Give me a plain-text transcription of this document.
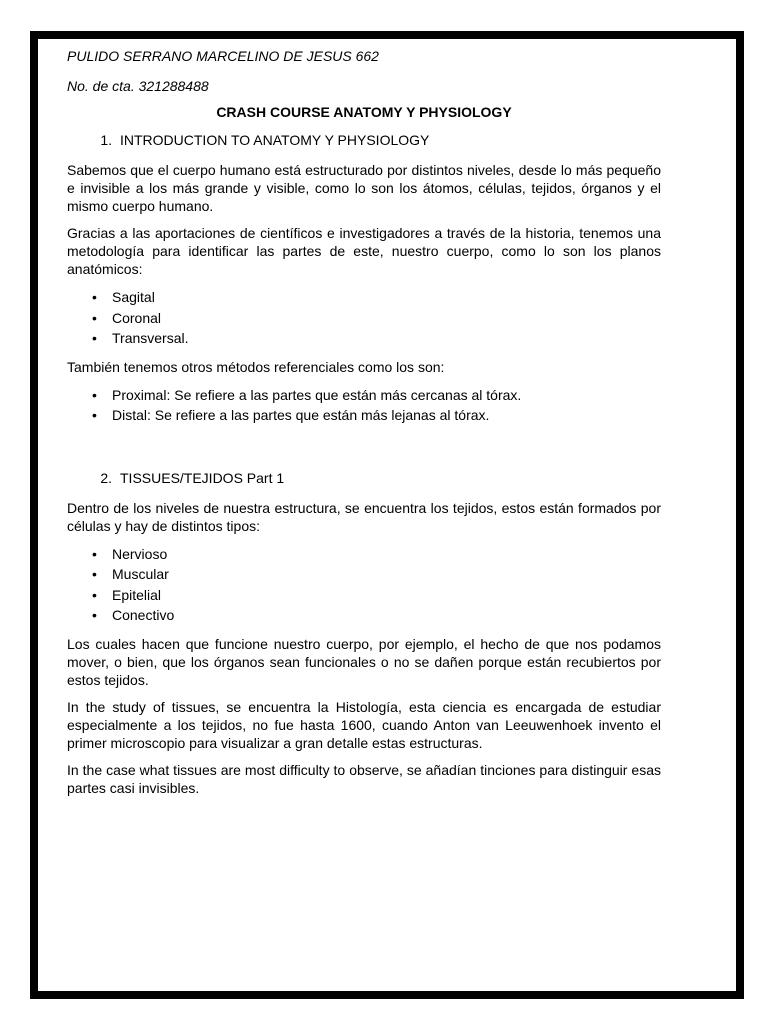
PULIDO SERRANO MARCELINO DE JESUS 662
No. de cta. 321288488
CRASH COURSE ANATOMY Y PHYSIOLOGY
1. INTRODUCTION TO ANATOMY Y PHYSIOLOGY

Sabemos que el cuerpo humano está estructurado por distintos niveles, desde lo más pequeño e invisible a los más grande y visible, como lo son los átomos, células, tejidos, órganos y el mismo cuerpo humano.

Gracias a las aportaciones de científicos e investigadores a través de la historia, tenemos una metodología para identificar las partes de este, nuestro cuerpo, como lo son los planos anatómicos:

• Sagital
• Coronal
• Transversal.

También tenemos otros métodos referenciales como los son:

• Proximal: Se refiere a las partes que están más cercanas al tórax.
• Distal: Se refiere a las partes que están más lejanas al tórax.
2. TISSUES/TEJIDOS Part 1

Dentro de los niveles de nuestra estructura, se encuentra los tejidos, estos están formados por células y hay de distintos tipos:

• Nervioso
• Muscular
• Epitelial
• Conectivo

Los cuales hacen que funcione nuestro cuerpo, por ejemplo, el hecho de que nos podamos mover, o bien, que los órganos sean funcionales o no se dañen porque están recubiertos por estos tejidos.

In the study of tissues, se encuentra la Histología, esta ciencia es encargada de estudiar especialmente a los tejidos, no fue hasta 1600, cuando Anton van Leeuwenhoek invento el primer microscopio para visualizar a gran detalle estas estructuras.

In the case what tissues are most difficulty to observe, se añadían tinciones para distinguir esas partes casi invisibles.
